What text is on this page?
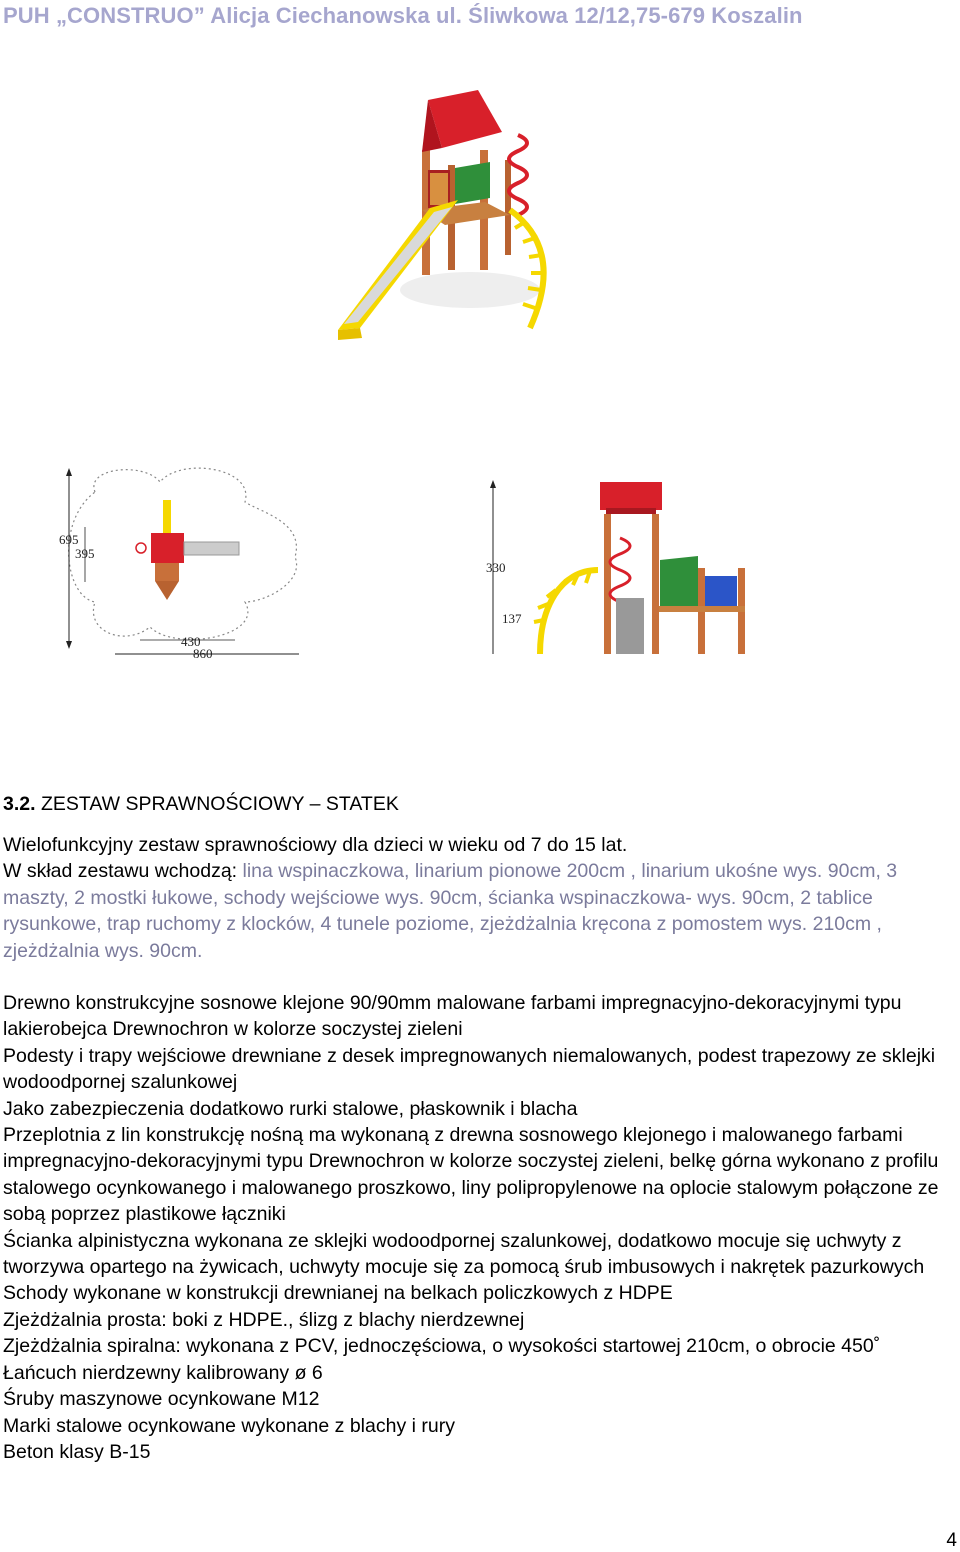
PUH „CONSTRUO” Alicja Ciechanowska ul. Śliwkowa 12/12,75-679 Koszalin
695
395
430
860
330
137
3.2. ZESTAW SPRAWNOŚCIOWY – STATEK
Wielofunkcyjny zestaw sprawnościowy dla dzieci w wieku od 7 do 15 lat.
W skład zestawu wchodzą: lina wspinaczkowa, linarium pionowe 200cm , linarium ukośne wys. 90cm, 3 maszty, 2 mostki łukowe, schody wejściowe wys. 90cm, ścianka wspinaczkowa- wys. 90cm, 2 tablice rysunkowe, trap ruchomy z klocków, 4 tunele poziome, zjeżdżalnia kręcona z pomostem wys. 210cm , zjeżdżalnia wys. 90cm.
Drewno konstrukcyjne sosnowe klejone 90/90mm malowane farbami impregnacyjno-dekoracyjnymi typu lakierobejca Drewnochron w kolorze soczystej zieleni
Podesty i trapy wejściowe drewniane z desek impregnowanych niemalowanych, podest trapezowy ze sklejki wodoodpornej szalunkowej
Jako zabezpieczenia dodatkowo rurki stalowe, płaskownik i blacha
Przeplotnia z lin konstrukcję nośną ma wykonaną z drewna sosnowego klejonego i malowanego farbami impregnacyjno-dekoracyjnymi typu Drewnochron w kolorze soczystej zieleni, belkę górna wykonano z profilu stalowego ocynkowanego i malowanego proszkowo, liny polipropylenowe na oplocie stalowym połączone ze sobą poprzez plastikowe łączniki
Ścianka alpinistyczna wykonana ze sklejki wodoodpornej szalunkowej, dodatkowo mocuje się uchwyty z tworzywa opartego na żywicach, uchwyty mocuje się za pomocą śrub imbusowych i nakrętek pazurkowych
Schody wykonane w konstrukcji drewnianej na belkach policzkowych z HDPE
Zjeżdżalnia prosta: boki z HDPE., ślizg z blachy nierdzewnej
Zjeżdżalnia spiralna: wykonana z PCV, jednoczęściowa, o wysokości startowej 210cm, o obrocie 450˚
Łańcuch nierdzewny kalibrowany ø 6
Śruby maszynowe ocynkowane M12
Marki stalowe ocynkowane wykonane z blachy i rury
Beton klasy B-15
4
